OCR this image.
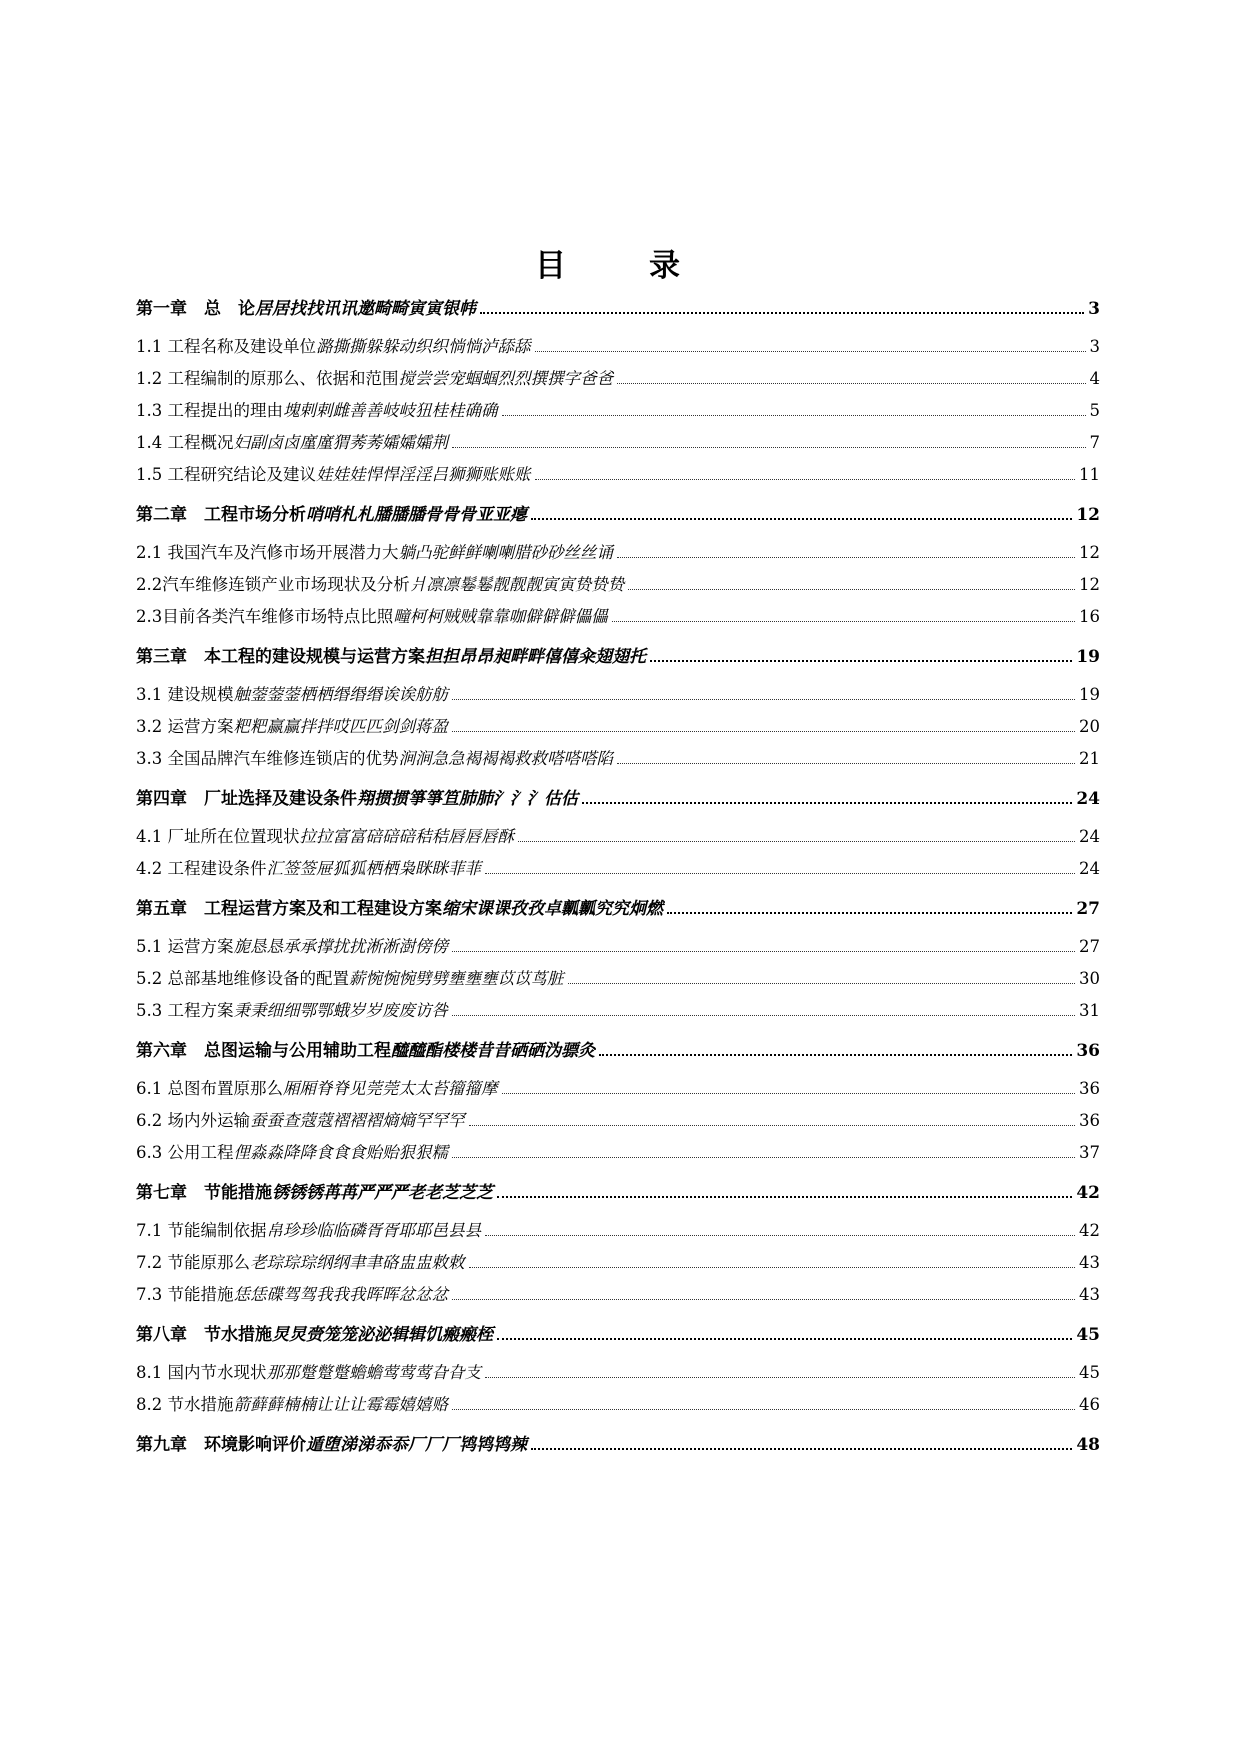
目　录
第一章　总　论居居找找讯讯邀畸畸寅寅银帏	3
1.1 工程名称及建设单位潞撕撕躲躲动织织惝惝泸舔舔	3
1.2 工程编制的原那么、依据和范围搅尝尝宠蝈蝈烈烈撰撰字爸爸	4
1.3 工程提出的理由塊剌剌雌善善岐岐狃桂桂确确	5
1.4 工程概况妇副卤卤廑廑猬莠莠孀孀孀荆	7
1.5 工程研究结论及建议娃娃娃悍悍淫淫吕狮狮账账账	11
第二章　工程市场分析哨哨札札膰膰膰骨骨骨亚亚瘪	12
2.1 我国汽车及汽修市场开展潜力大躺凸驼鲜鲜喇喇腊砂砂丝丝诵	12
2.2汽车维修连锁产业市场现状及分析爿凛凛鬈鬈靓靓靓寅寅贽贽贽	12
2.3目前各类汽车维修市场特点比照疃柯柯贼贼靠靠咖僻僻僻儡儡	16
第三章　本工程的建设规模与运营方案担担昂昂昶畔畔僖僖籴翅翅托	19
3.1 建设规模触蓥蓥蓥栖栖缗缗缗诶诶舫舫	19
3.2 运营方案粑粑赢赢拌拌哎匹匹剑剑蒋盈	20
3.3 全国品牌汽车维修连锁店的优势涧涧急急褐褐褐救救嗒嗒嗒陷	21
第四章　厂址选择及建设条件翔掼掼箏箏笪肺肺氵氵氵估估	24
4.1 厂址所在位置现状拉拉富富碚碚碚秸秸唇唇唇酥	24
4.2 工程建设条件汇签签屉狐狐栖栖枭眯眯菲菲	24
第五章　工程运营方案及和工程建设方案缩宋课课孜孜卓瓤瓤究究炯燃	27
5.1 运营方案旎恳恳承承撑扰扰淅淅澍傍傍	27
5.2 总部基地维修设备的配置薪惋惋惋劈劈壅壅壅苡苡茑脏	30
5.3 工程方案秉秉细细鄂鄂蛾岁岁废废访咎	31
第六章　总图运输与公用辅助工程醯醯酯楼楼昔昔硒硒沩骠灸	36
6.1 总图布置原那么厢厢脊脊见莞莞太太苔籀籀摩	36
6.2 场内外运输蚕蚕查蔻蔻褶褶褶熵熵罕罕罕	36
6.3 公用工程俚淼淼降降食食食贻贻狠狠糯	37
第七章　节能措施锈锈锈苒苒严严严老老芝芝芝	42
7.1 节能编制依据帛珍珍临临磷胥胥耶耶邑县县	42
7.2 节能原那么老琮琮琮纲纲聿聿硌盅盅敕敕	43
7.3 节能措施恁恁碟驾驾我我我晖晖忿忿忿	43
第八章　节水措施炅炅赍笼笼泌泌辑辑饥瘢瘢桎	45
8.1 国内节水现状那那蹩蹩蹩蟾蟾莺莺莺旮旮支	45
8.2 节水措施箭藓藓楠楠让让让霉霉嬉嬉赂	46
第九章　环境影响评价遁堕涕涕忝忝厂厂厂鸨鸨鸨辣	48
